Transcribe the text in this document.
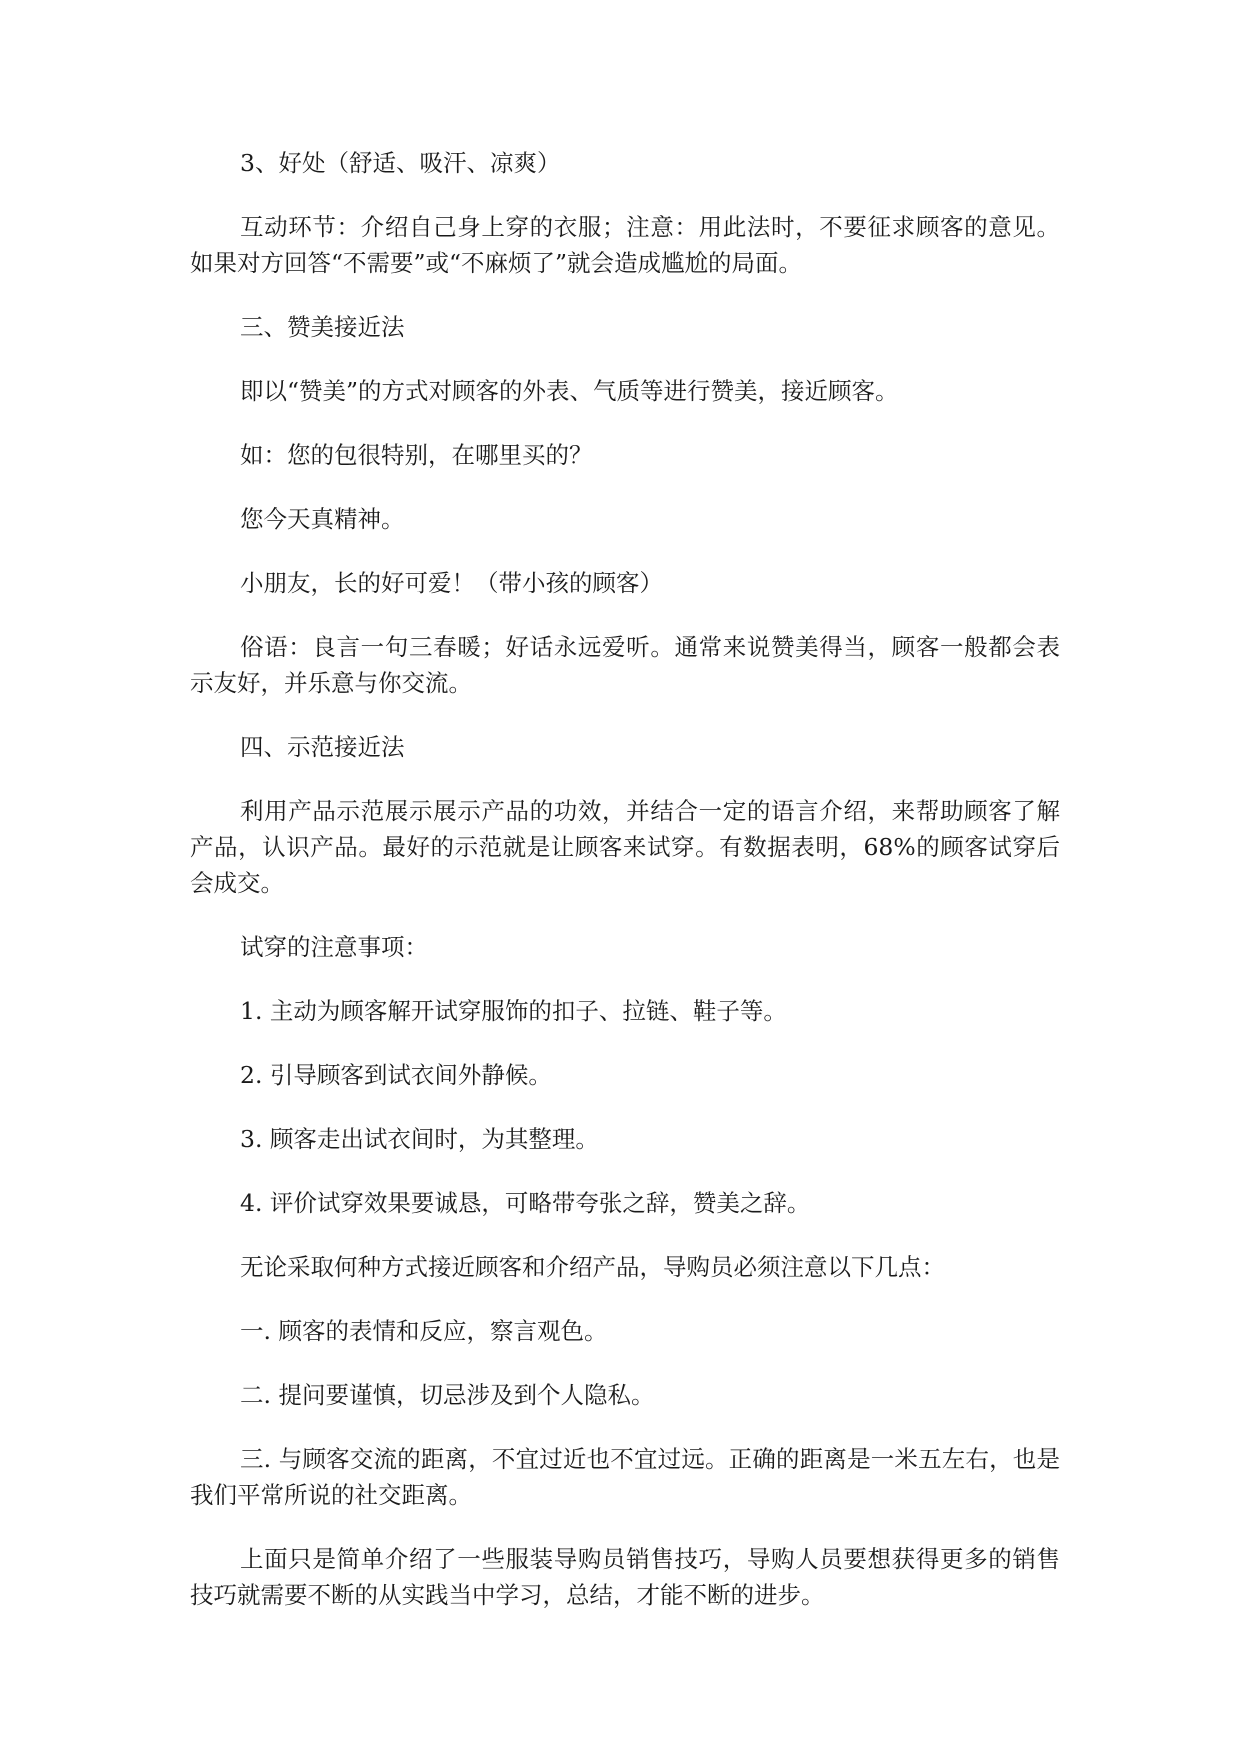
3、好处（舒适、吸汗、凉爽）

互动环节：介绍自己身上穿的衣服；注意：用此法时，不要征求顾客的意见。如果对方回答“不需要”或“不麻烦了”就会造成尴尬的局面。

三、赞美接近法

即以“赞美”的方式对顾客的外表、气质等进行赞美，接近顾客。

如：您的包很特别，在哪里买的？

您今天真精神。

小朋友，长的好可爱！（带小孩的顾客）

俗语：良言一句三春暖；好话永远爱听。通常来说赞美得当，顾客一般都会表示友好，并乐意与你交流。

四、示范接近法

利用产品示范展示展示产品的功效，并结合一定的语言介绍，来帮助顾客了解产品，认识产品。最好的示范就是让顾客来试穿。有数据表明，68%的顾客试穿后会成交。

试穿的注意事项：

1. 主动为顾客解开试穿服饰的扣子、拉链、鞋子等。

2. 引导顾客到试衣间外静候。

3. 顾客走出试衣间时，为其整理。

4. 评价试穿效果要诚恳，可略带夸张之辞，赞美之辞。

无论采取何种方式接近顾客和介绍产品，导购员必须注意以下几点：

一. 顾客的表情和反应，察言观色。

二. 提问要谨慎，切忌涉及到个人隐私。

三. 与顾客交流的距离，不宜过近也不宜过远。正确的距离是一米五左右，也是我们平常所说的社交距离。

上面只是简单介绍了一些服装导购员销售技巧，导购人员要想获得更多的销售技巧就需要不断的从实践当中学习，总结，才能不断的进步。
